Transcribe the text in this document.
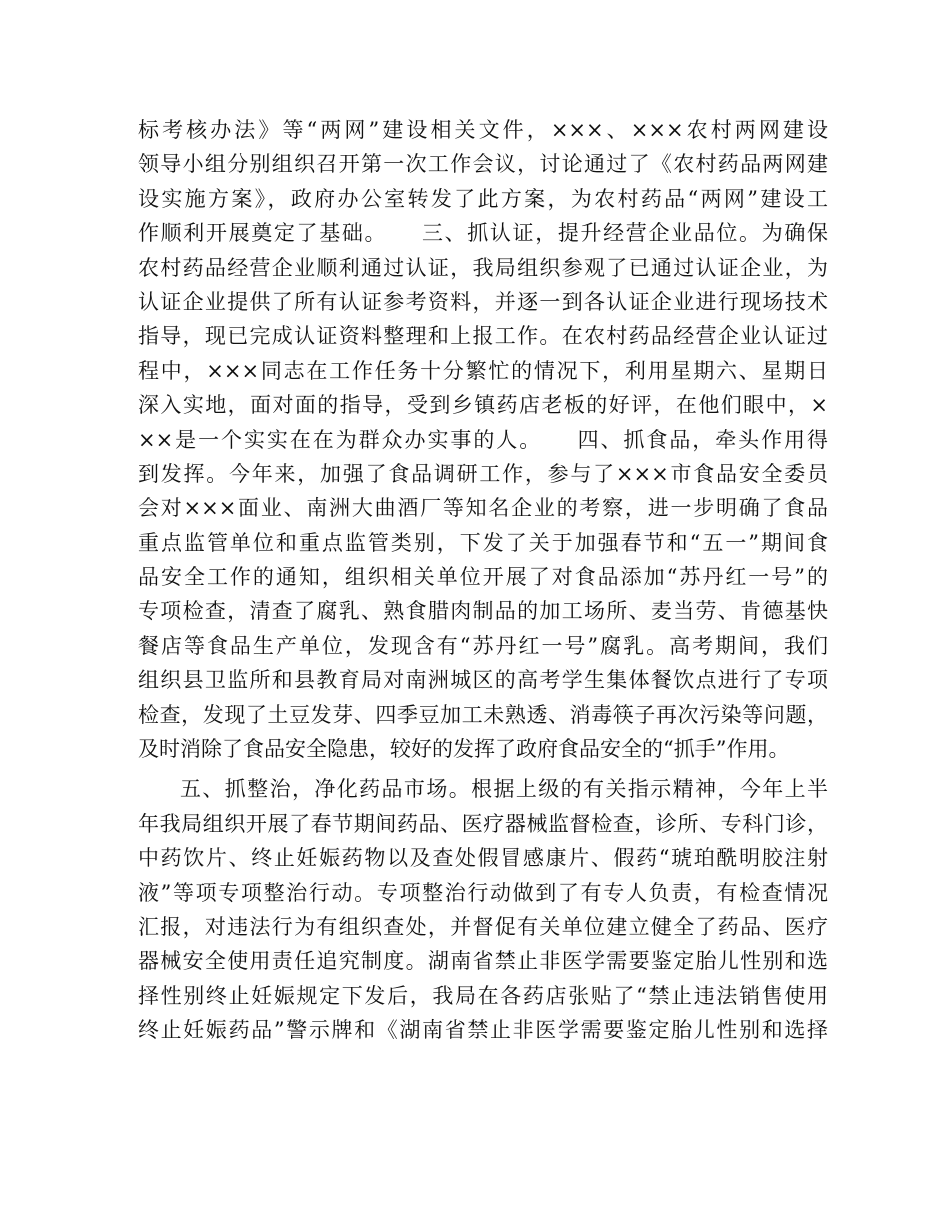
标考核办法》等“两网”建设相关文件，×××、×××农村两网建设
领导小组分别组织召开第一次工作会议，讨论通过了《农村药品两网建
设实施方案》，政府办公室转发了此方案，为农村药品“两网”建设工
作顺利开展奠定了基础。　　三、抓认证，提升经营企业品位。为确保
农村药品经营企业顺利通过认证，我局组织参观了已通过认证企业，为
认证企业提供了所有认证参考资料，并逐一到各认证企业进行现场技术
指导，现已完成认证资料整理和上报工作。在农村药品经营企业认证过
程中，×××同志在工作任务十分繁忙的情况下，利用星期六、星期日
深入实地，面对面的指导，受到乡镇药店老板的好评，在他们眼中，×
××是一个实实在在为群众办实事的人。　　四、抓食品，牵头作用得
到发挥。今年来，加强了食品调研工作，参与了×××市食品安全委员
会对×××面业、南洲大曲酒厂等知名企业的考察，进一步明确了食品
重点监管单位和重点监管类别，下发了关于加强春节和“五一”期间食
品安全工作的通知，组织相关单位开展了对食品添加“苏丹红一号”的
专项检查，清查了腐乳、熟食腊肉制品的加工场所、麦当劳、肯德基快
餐店等食品生产单位，发现含有“苏丹红一号”腐乳。高考期间，我们
组织县卫监所和县教育局对南洲城区的高考学生集体餐饮点进行了专项
检查，发现了土豆发芽、四季豆加工未熟透、消毒筷子再次污染等问题，
及时消除了食品安全隐患，较好的发挥了政府食品安全的“抓手”作用。
五、抓整治，净化药品市场。根据上级的有关指示精神，今年上半
年我局组织开展了春节期间药品、医疗器械监督检查，诊所、专科门诊，
中药饮片、终止妊娠药物以及查处假冒感康片、假药“琥珀酰明胶注射
液”等项专项整治行动。专项整治行动做到了有专人负责，有检查情况
汇报，对违法行为有组织查处，并督促有关单位建立健全了药品、医疗
器械安全使用责任追究制度。湖南省禁止非医学需要鉴定胎儿性别和选
择性别终止妊娠规定下发后，我局在各药店张贴了“禁止违法销售使用
终止妊娠药品”警示牌和《湖南省禁止非医学需要鉴定胎儿性别和选择
